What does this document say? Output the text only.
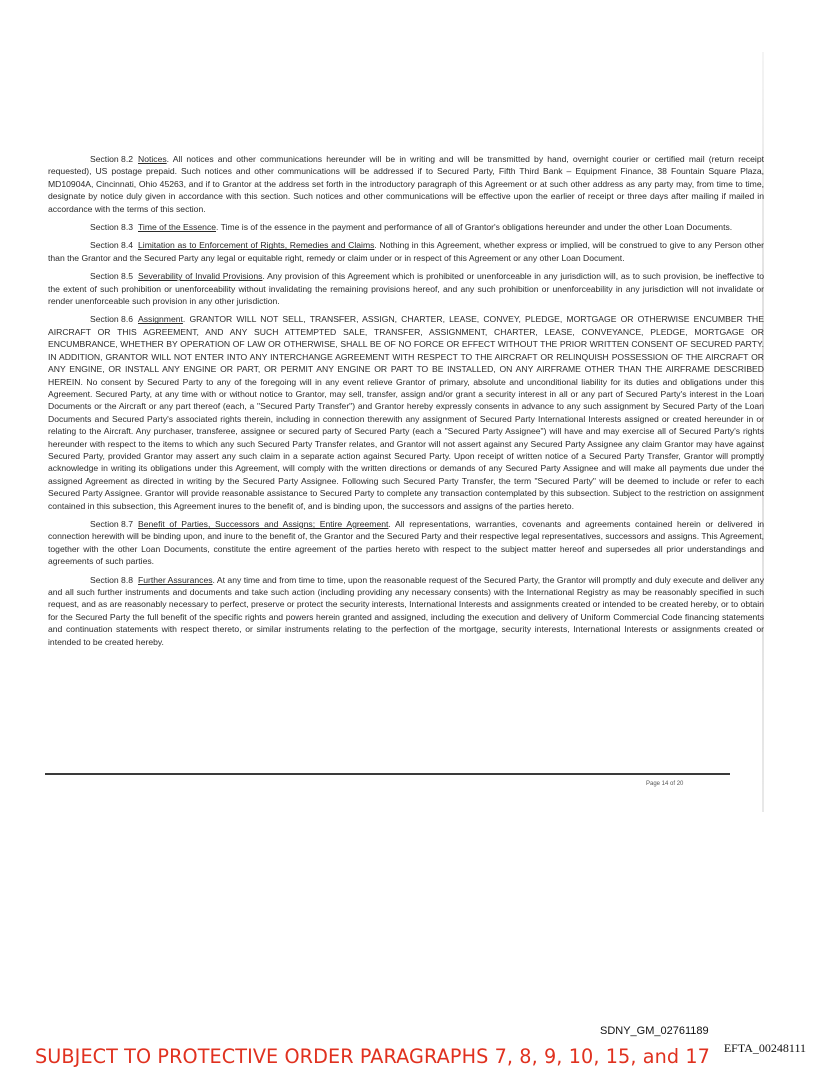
Section 8.2 Notices. All notices and other communications hereunder will be in writing and will be transmitted by hand, overnight courier or certified mail (return receipt requested), US postage prepaid. Such notices and other communications will be addressed if to Secured Party, Fifth Third Bank – Equipment Finance, 38 Fountain Square Plaza, MD10904A, Cincinnati, Ohio 45263, and if to Grantor at the address set forth in the introductory paragraph of this Agreement or at such other address as any party may, from time to time, designate by notice duly given in accordance with this section. Such notices and other communications will be effective upon the earlier of receipt or three days after mailing if mailed in accordance with the terms of this section.

Section 8.3 Time of the Essence. Time is of the essence in the payment and performance of all of Grantor's obligations hereunder and under the other Loan Documents.

Section 8.4 Limitation as to Enforcement of Rights, Remedies and Claims. Nothing in this Agreement, whether express or implied, will be construed to give to any Person other than the Grantor and the Secured Party any legal or equitable right, remedy or claim under or in respect of this Agreement or any other Loan Document.

Section 8.5 Severability of Invalid Provisions. Any provision of this Agreement which is prohibited or unenforceable in any jurisdiction will, as to such provision, be ineffective to the extent of such prohibition or unenforceability without invalidating the remaining provisions hereof, and any such prohibition or unenforceability in any jurisdiction will not invalidate or render unenforceable such provision in any other jurisdiction.

Section 8.6 Assignment. GRANTOR WILL NOT SELL, TRANSFER, ASSIGN, CHARTER, LEASE, CONVEY, PLEDGE, MORTGAGE OR OTHERWISE ENCUMBER THE AIRCRAFT OR THIS AGREEMENT, AND ANY SUCH ATTEMPTED SALE, TRANSFER, ASSIGNMENT, CHARTER, LEASE, CONVEYANCE, PLEDGE, MORTGAGE OR ENCUMBRANCE, WHETHER BY OPERATION OF LAW OR OTHERWISE, SHALL BE OF NO FORCE OR EFFECT WITHOUT THE PRIOR WRITTEN CONSENT OF SECURED PARTY. IN ADDITION, GRANTOR WILL NOT ENTER INTO ANY INTERCHANGE AGREEMENT WITH RESPECT TO THE AIRCRAFT OR RELINQUISH POSSESSION OF THE AIRCRAFT OR ANY ENGINE, OR INSTALL ANY ENGINE OR PART, OR PERMIT ANY ENGINE OR PART TO BE INSTALLED, ON ANY AIRFRAME OTHER THAN THE AIRFRAME DESCRIBED HEREIN. No consent by Secured Party to any of the foregoing will in any event relieve Grantor of primary, absolute and unconditional liability for its duties and obligations under this Agreement. Secured Party, at any time with or without notice to Grantor, may sell, transfer, assign and/or grant a security interest in all or any part of Secured Party's interest in the Loan Documents or the Aircraft or any part thereof (each, a "Secured Party Transfer") and Grantor hereby expressly consents in advance to any such assignment by Secured Party of the Loan Documents and Secured Party's associated rights therein, including in connection therewith any assignment of Secured Party International Interests assigned or created hereunder in or relating to the Aircraft. Any purchaser, transferee, assignee or secured party of Secured Party (each a "Secured Party Assignee") will have and may exercise all of Secured Party's rights hereunder with respect to the items to which any such Secured Party Transfer relates, and Grantor will not assert against any Secured Party Assignee any claim Grantor may have against Secured Party, provided Grantor may assert any such claim in a separate action against Secured Party. Upon receipt of written notice of a Secured Party Transfer, Grantor will promptly acknowledge in writing its obligations under this Agreement, will comply with the written directions or demands of any Secured Party Assignee and will make all payments due under the assigned Agreement as directed in writing by the Secured Party Assignee. Following such Secured Party Transfer, the term "Secured Party" will be deemed to include or refer to each Secured Party Assignee. Grantor will provide reasonable assistance to Secured Party to complete any transaction contemplated by this subsection. Subject to the restriction on assignment contained in this subsection, this Agreement inures to the benefit of, and is binding upon, the successors and assigns of the parties hereto.

Section 8.7 Benefit of Parties, Successors and Assigns; Entire Agreement. All representations, warranties, covenants and agreements contained herein or delivered in connection herewith will be binding upon, and inure to the benefit of, the Grantor and the Secured Party and their respective legal representatives, successors and assigns. This Agreement, together with the other Loan Documents, constitute the entire agreement of the parties hereto with respect to the subject matter hereof and supersedes all prior understandings and agreements of such parties.

Section 8.8 Further Assurances. At any time and from time to time, upon the reasonable request of the Secured Party, the Grantor will promptly and duly execute and deliver any and all such further instruments and documents and take such action (including providing any necessary consents) with the International Registry as may be reasonably specified in such request, and as are reasonably necessary to perfect, preserve or protect the security interests, International Interests and assignments created or intended to be created hereby, or to obtain for the Secured Party the full benefit of the specific rights and powers herein granted and assigned, including the execution and delivery of Uniform Commercial Code financing statements and continuation statements with respect thereto, or similar instruments relating to the perfection of the mortgage, security interests, International Interests or assignments created or intended to be created hereby.

Page 14 of 20
SDNY_GM_02761189
SUBJECT TO PROTECTIVE ORDER PARAGRAPHS 7, 8, 9, 10, 15, and 17	EFTA_00248111
